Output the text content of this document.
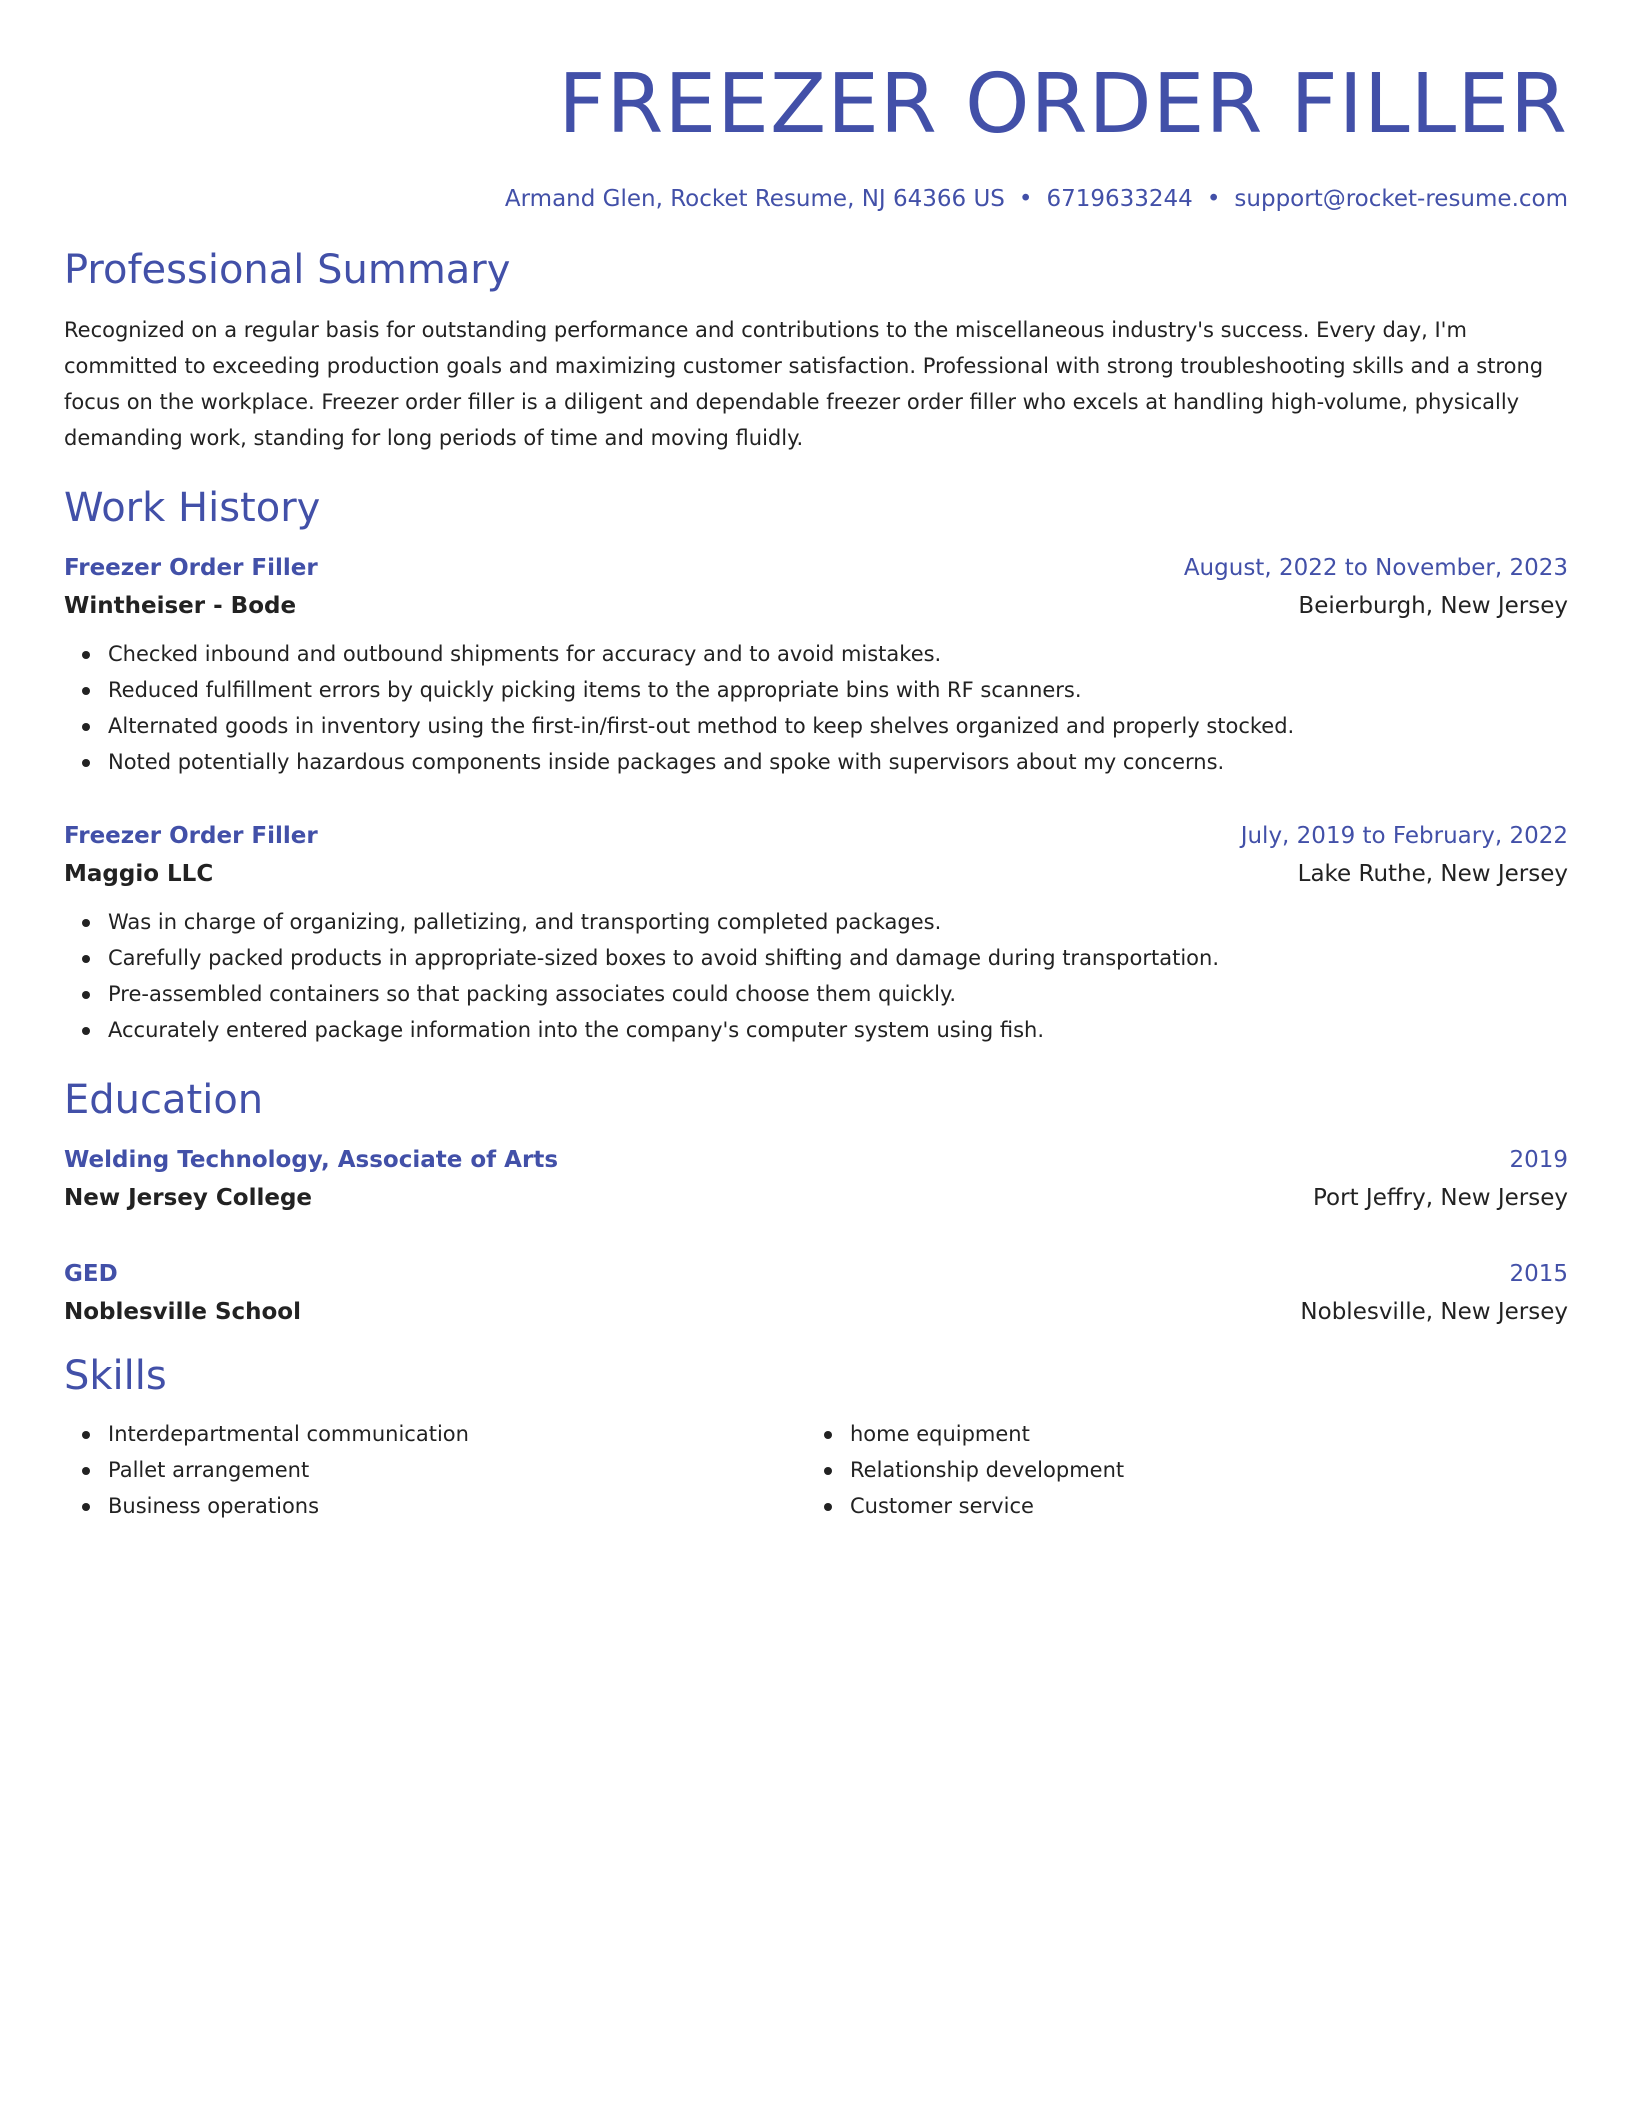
FREEZER ORDER FILLER
Armand Glen, Rocket Resume, NJ 64366 US • 6719633244 • support@rocket-resume.com
Professional Summary

Recognized on a regular basis for outstanding performance and contributions to the miscellaneous industry's success. Every day, I'm committed to exceeding production goals and maximizing customer satisfaction. Professional with strong troubleshooting skills and a strong focus on the workplace. Freezer order filler is a diligent and dependable freezer order filler who excels at handling high-volume, physically demanding work, standing for long periods of time and moving fluidly.

Work History
Freezer Order Filler	August, 2022 to November, 2023
Wintheiser - Bode	Beierburgh, New Jersey
Checked inbound and outbound shipments for accuracy and to avoid mistakes.
Reduced fulfillment errors by quickly picking items to the appropriate bins with RF scanners.
Alternated goods in inventory using the first-in/first-out method to keep shelves organized and properly stocked.
Noted potentially hazardous components inside packages and spoke with supervisors about my concerns.
Freezer Order Filler	July, 2019 to February, 2022
Maggio LLC	Lake Ruthe, New Jersey
Was in charge of organizing, palletizing, and transporting completed packages.
Carefully packed products in appropriate-sized boxes to avoid shifting and damage during transportation.
Pre-assembled containers so that packing associates could choose them quickly.
Accurately entered package information into the company's computer system using fish.
Education
Welding Technology, Associate of Arts	2019
New Jersey College	Port Jeffry, New Jersey
GED	2015
Noblesville School	Noblesville, New Jersey
Skills
Interdepartmental communication
Pallet arrangement
Business operations
home equipment
Relationship development
Customer service
